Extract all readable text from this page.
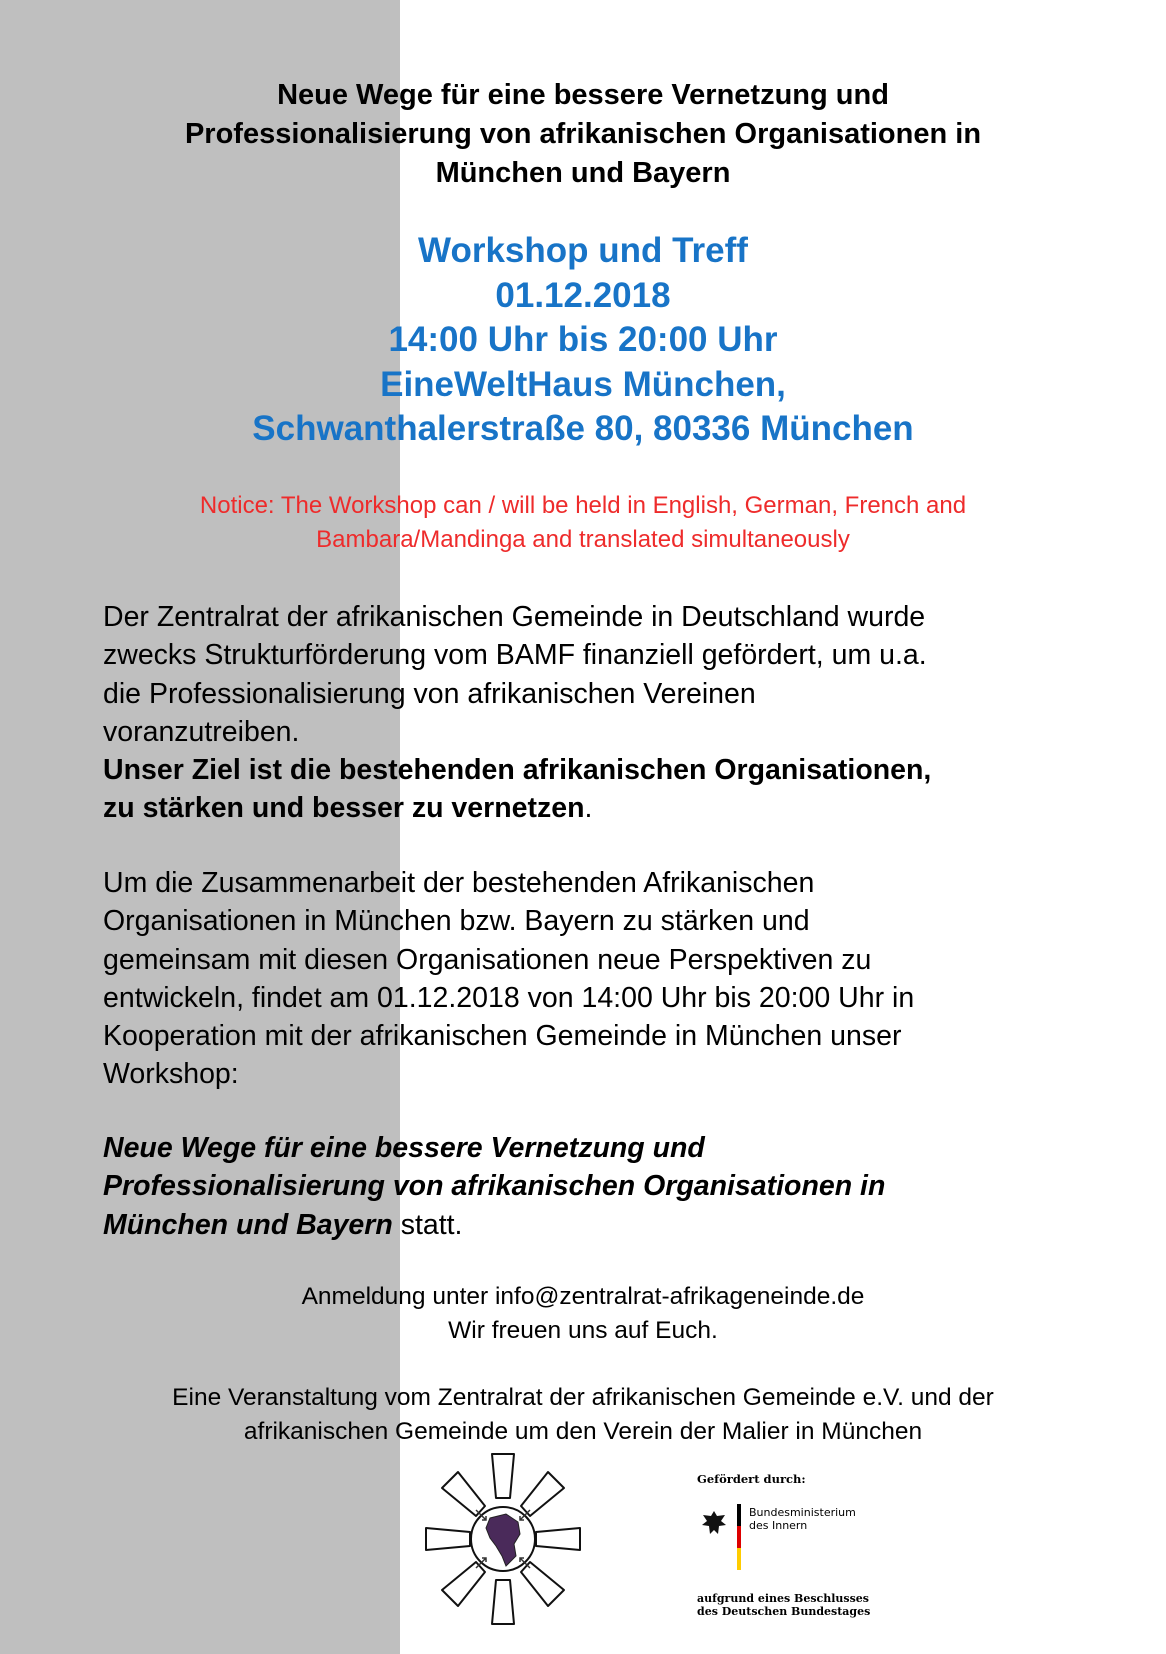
Neue Wege für eine bessere Vernetzung und
Professionalisierung von afrikanischen Organisationen in
München und Bayern
Workshop und Treff
01.12.2018
14:00 Uhr bis 20:00 Uhr
EineWeltHaus München,
Schwanthalerstraße 80, 80336 München
Notice: The Workshop can / will be held in English, German, French and
Bambara/Mandinga and translated simultaneously
Der Zentralrat der afrikanischen Gemeinde in Deutschland wurde
zwecks Strukturförderung vom BAMF finanziell gefördert, um u.a.
die Professionalisierung von afrikanischen Vereinen
voranzutreiben.
Unser Ziel ist die bestehenden afrikanischen Organisationen,
zu stärken und besser zu vernetzen.
Um die Zusammenarbeit der bestehenden Afrikanischen
Organisationen in München bzw. Bayern zu stärken und
gemeinsam mit diesen Organisationen neue Perspektiven zu
entwickeln, findet am 01.12.2018 von 14:00 Uhr bis 20:00 Uhr in
Kooperation mit der afrikanischen Gemeinde in München unser
Workshop:
Neue Wege für eine bessere Vernetzung und
Professionalisierung von afrikanischen Organisationen in
München und Bayern statt.
Anmeldung unter info@zentralrat-afrikageneinde.de
Wir freuen uns auf Euch.
Eine Veranstaltung vom Zentralrat der afrikanischen Gemeinde e.V. und der
afrikanischen Gemeinde um den Verein der Malier in München
Gefördert durch:
Bundesministerium
des Innern
aufgrund eines Beschlusses
des Deutschen Bundestages
